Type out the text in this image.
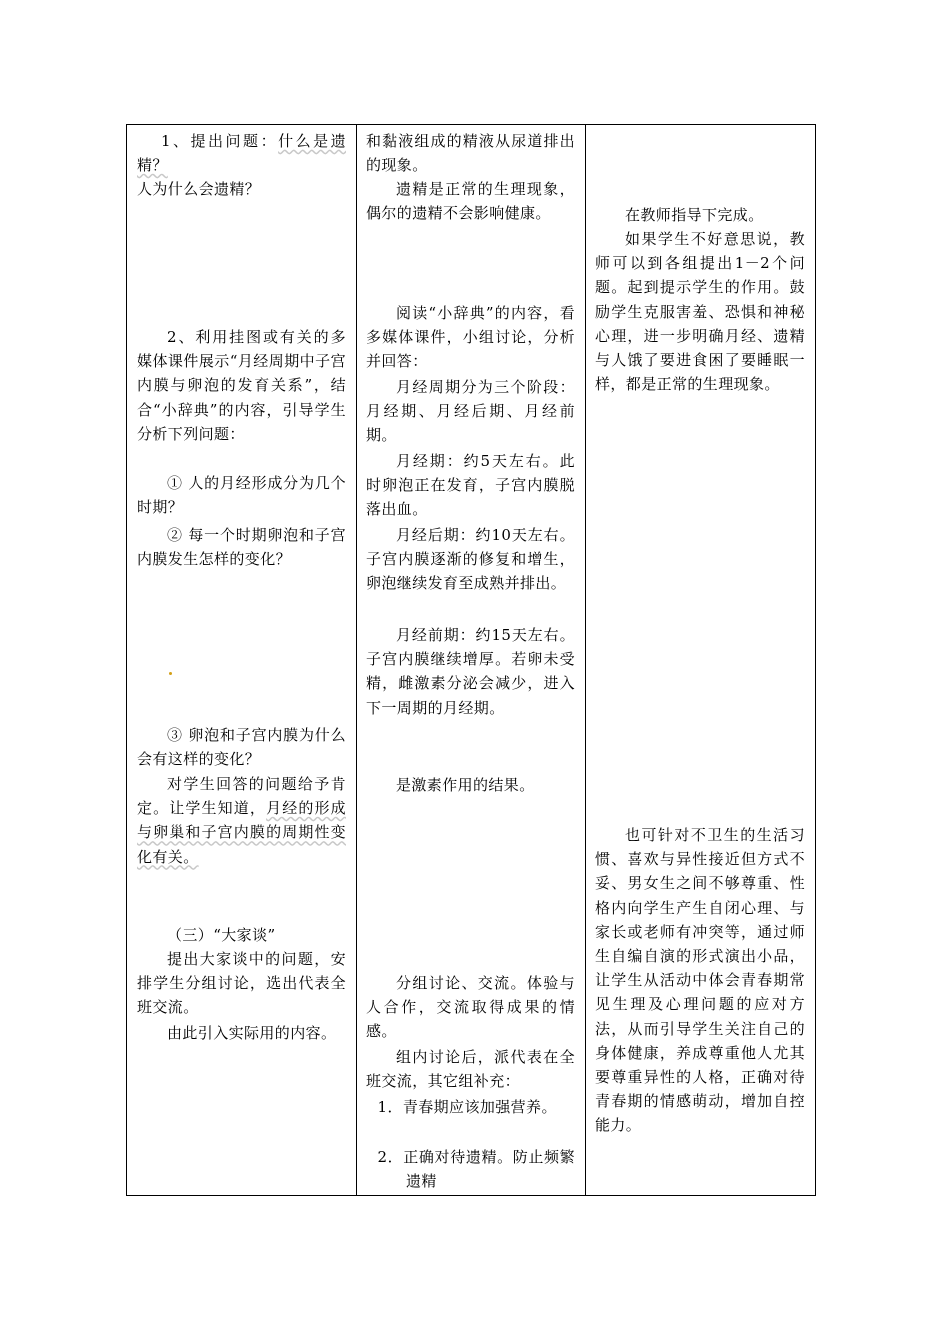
1、提出问题：什么是遗精？
人为什么会遗精？

2、利用挂图或有关的多媒体课件展示“月经周期中子宫内膜与卵泡的发育关系”，结合“小辞典”的内容，引导学生分析下列问题：

① 人的月经形成分为几个时期？

② 每一个时期卵泡和子宫内膜发生怎样的变化？

③ 卵泡和子宫内膜为什么会有这样的变化？

对学生回答的问题给予肯定。让学生知道，月经的形成与卵巢和子宫内膜的周期性变化有关。

（三）“大家谈”

提出大家谈中的问题，安排学生分组讨论，选出代表全班交流。

由此引入实际用的内容。

和黏液组成的精液从尿道排出的现象。

遗精是正常的生理现象，偶尔的遗精不会影响健康。

阅读“小辞典”的内容，看多媒体课件，小组讨论，分析并回答：

月经周期分为三个阶段：月经期、月经后期、月经前期。

月经期：约5天左右。此时卵泡正在发育，子宫内膜脱落出血。

月经后期：约10天左右。子宫内膜逐渐的修复和增生，卵泡继续发育至成熟并排出。

月经前期：约15天左右。子宫内膜继续增厚。若卵未受精，雌激素分泌会减少，进入下一周期的月经期。

是激素作用的结果。

分组讨论、交流。体验与人合作，交流取得成果的情感。

组内讨论后，派代表在全班交流，其它组补充：

1．青春期应该加强营养。

2．正确对待遗精。防止频繁遗精

在教师指导下完成。

如果学生不好意思说，教师可以到各组提出1－2个问题。起到提示学生的作用。鼓励学生克服害羞、恐惧和神秘心理，进一步明确月经、遗精与人饿了要进食困了要睡眠一样，都是正常的生理现象。

也可针对不卫生的生活习惯、喜欢与异性接近但方式不妥、男女生之间不够尊重、性格内向学生产生自闭心理、与家长或老师有冲突等，通过师生自编自演的形式演出小品，让学生从活动中体会青春期常见生理及心理问题的应对方法，从而引导学生关注自己的身体健康，养成尊重他人尤其要尊重异性的人格，正确对待青春期的情感萌动，增加自控能力。
